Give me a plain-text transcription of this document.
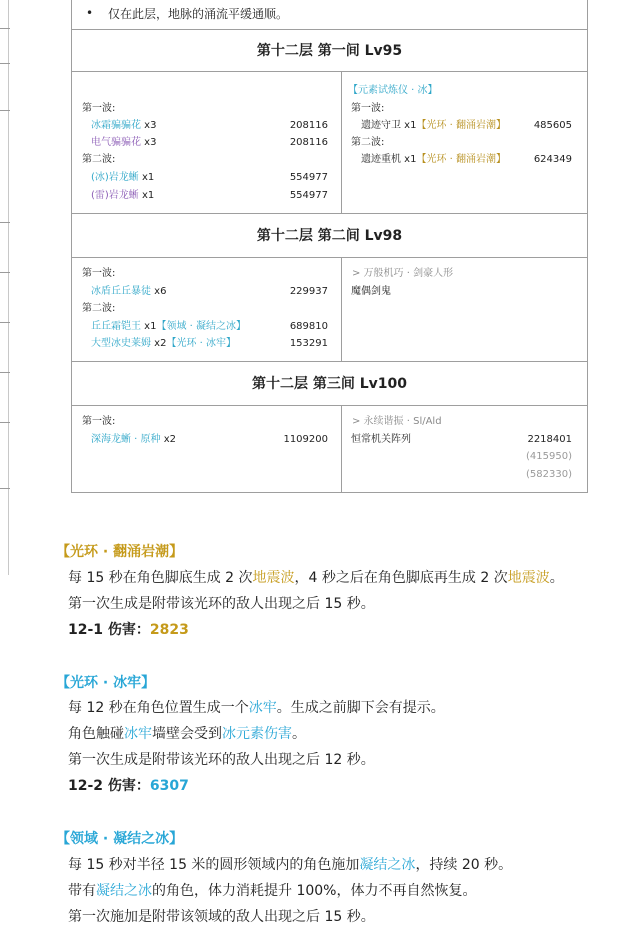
• 仅在此层，地脉的涌流平缓通顺。
第十二层 第一间 Lv95
第一波:
冰霜骗骗花 x3	208116
电气骗骗花 x3	208116
第二波:
(冰)岩龙蜥 x1	554977
(雷)岩龙蜥 x1	554977
【元素试炼仪 · 冰】
第一波:
遗迹守卫 x1【光环 · 翻涌岩潮】	485605
第二波:
遗迹重机 x1【光环 · 翻涌岩潮】	624349
第十二层 第二间 Lv98
第一波:
冰盾丘丘暴徒 x6	229937
第二波:
丘丘霜铠王 x1【领域 · 凝结之冰】	689810
大型冰史莱姆 x2【光环 · 冰牢】	153291
> 万般机巧 · 剑豪人形
魔偶剑鬼
第十二层 第三间 Lv100
第一波:
深海龙蜥 · 原种 x2	1109200
> 永续谐振 · Sl/Ald
恒常机关阵列	2218401
(415950)
(582330)
【光环 · 翻涌岩潮】
每 15 秒在角色脚底生成 2 次地震波，4 秒之后在角色脚底再生成 2 次地震波。
第一次生成是附带该光环的敌人出现之后 15 秒。
12-1 伤害：2823
【光环 · 冰牢】
每 12 秒在角色位置生成一个冰牢。生成之前脚下会有提示。
角色触碰冰牢墙壁会受到冰元素伤害。
第一次生成是附带该光环的敌人出现之后 12 秒。
12-2 伤害：6307
【领域 · 凝结之冰】
每 15 秒对半径 15 米的圆形领域内的角色施加凝结之冰，持续 20 秒。
带有凝结之冰的角色，体力消耗提升 100%，体力不再自然恢复。
第一次施加是附带该领域的敌人出现之后 15 秒。
